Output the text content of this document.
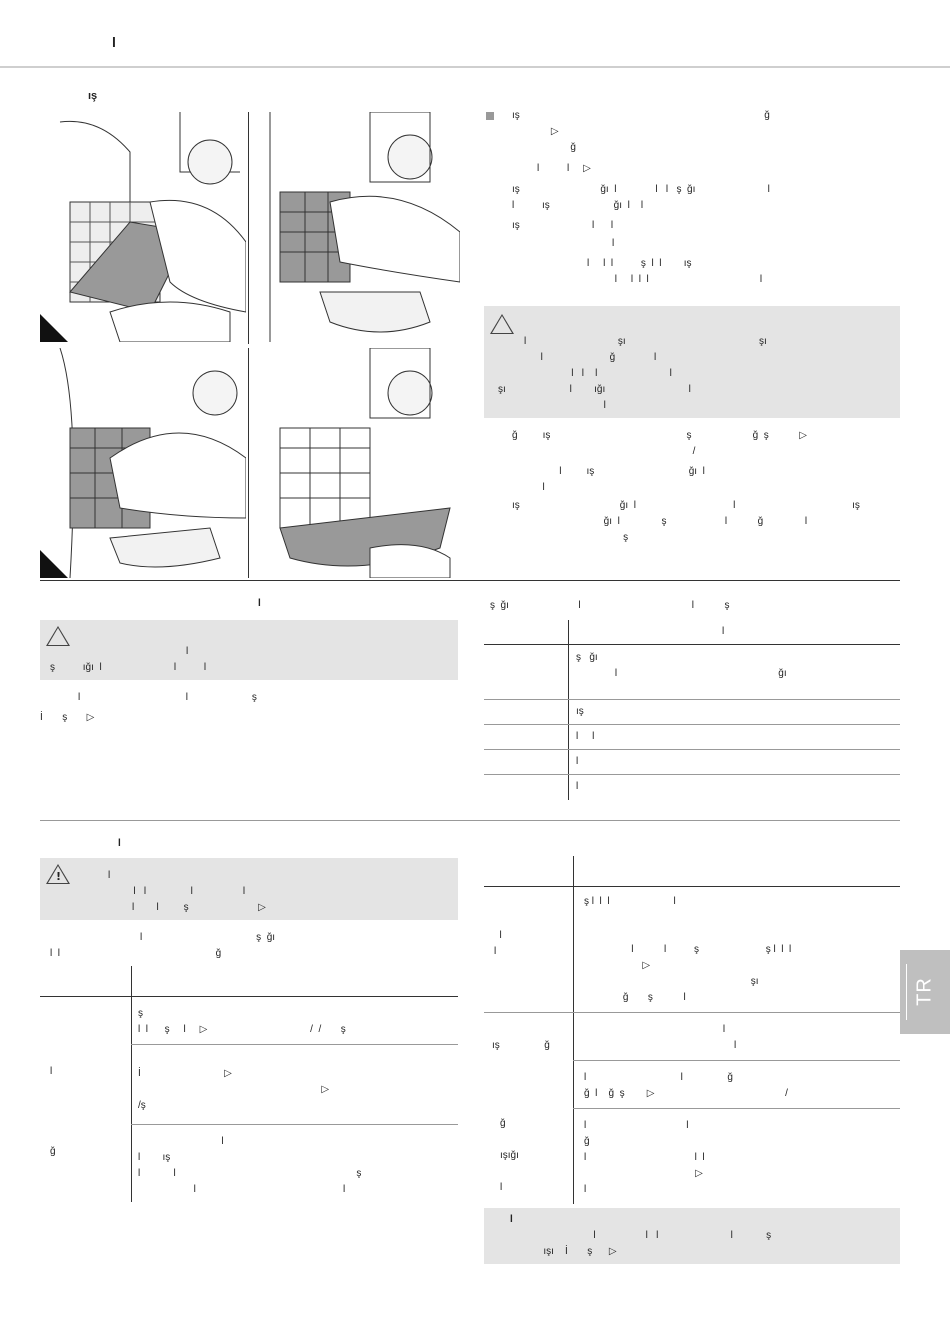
l
ış
ış                                                                                        ğ
▷
ğ
l          l     ▷
ış                             ğı  l              l   l   ş  ğı                          l
l          ış                       ğı  l    l
ış                          l      l
l
l     l  l          ş  l  l        ış
l     l  l  l                                        l
l                                 şı                                                şı
l                        ğ              l
l   l    l                          l
şı                       l        ığı                              l
l
ğ         ış                                                 ş                      ğ  ş           ▷
/
l         ış                                  ğı  l
l
ış                                    ğı  l                                   l                                          ış
ğı  l               ş                     l           ğ               l
ş
l
l
ş          ığı  l                          l          l
l                                      l                       ş
İ       ş       ▷
ş  ğı                         l                                        l           ş
l
ş   ğı
l                                                          ğı
ış
l     l
l
l
l
!
l
l   l                l                  l
l        l         ş                         ▷
l                                         ş  ğı
l  l                                                        ğ

l

ğ
ş
l  l      ş     l     ▷                                     /  /       ş
İ                              ▷
▷
/ş
l
l        ış
l            l                                                                 ş
l                                                     l

l
l
ş l  l  l                       l

l           l          ş                        ş l  l  l
▷
şı
ğ       ş           l

ış                ğ
l
l
l                                  l                ğ
ğ  l    ğ  ş        ▷                                               /

ğ

ışığı

l
l                                    l
ğ
l                                       l  l
▷
l
l
l                  l   l                          l            ş
ışı    İ       ş      ▷
TR
